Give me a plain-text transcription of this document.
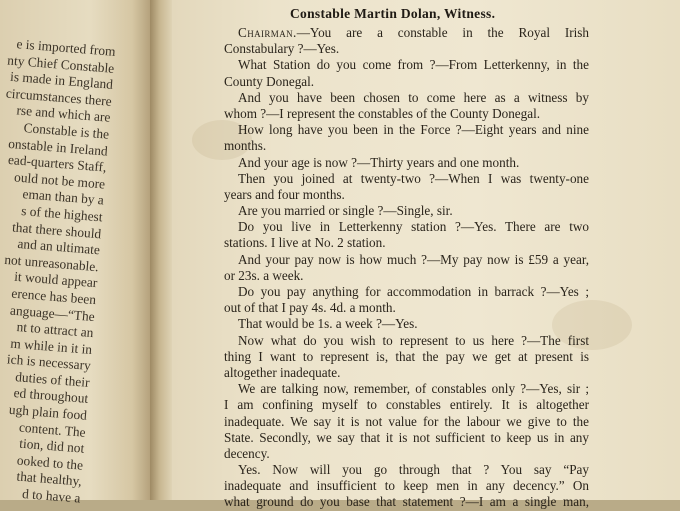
e is imported from
nty Chief Constable
is made in England
circumstances there
rse and which are
Constable is the
onstable in Ireland
ead-quarters Staff,
ould not be more
eman than by a
s of the highest
that there should
and an ultimate
not unreasonable.
it would appear
erence has been
anguage—“The
nt to attract an
m while in it in
ich is necessary
duties of their
ed throughout
ugh plain food
content. The
tion, did not
ooked to the
that healthy,
d to have a
Constable Martin Dolan, Witness.
Chairman.—You are a constable in the Royal Irish
Constabulary ?—Yes.
What Station do you come from ?—From Letterkenny, in the
County Donegal.
And you have been chosen to come here as a witness by
whom ?—I represent the constables of the County Donegal.
How long have you been in the Force ?—Eight years and nine
months.
And your age is now ?—Thirty years and one month.
Then you joined at twenty-two ?—When I was twenty-one
years and four months.
Are you married or single ?—Single, sir.
Do you live in Letterkenny station ?—Yes. There are two
stations. I live at No. 2 station.
And your pay now is how much ?—My pay now is £59 a year,
or 23s. a week.
Do you pay anything for accommodation in barrack ?—Yes ;
out of that I pay 4s. 4d. a month.
That would be 1s. a week ?—Yes.
Now what do you wish to represent to us here ?—The first
thing I want to represent is, that the pay we get at present is
altogether inadequate.
We are talking now, remember, of constables only ?—Yes, sir ;
I am confining myself to constables entirely. It is altogether
inadequate. We say it is not value for the labour we give to the
State. Secondly, we say that it is not sufficient to keep us in any
decency.
Yes. Now will you go through that ? You say “Pay
inadequate and insufficient to keep men in any decency.” On
what ground do you base that statement ?—I am a single man,
